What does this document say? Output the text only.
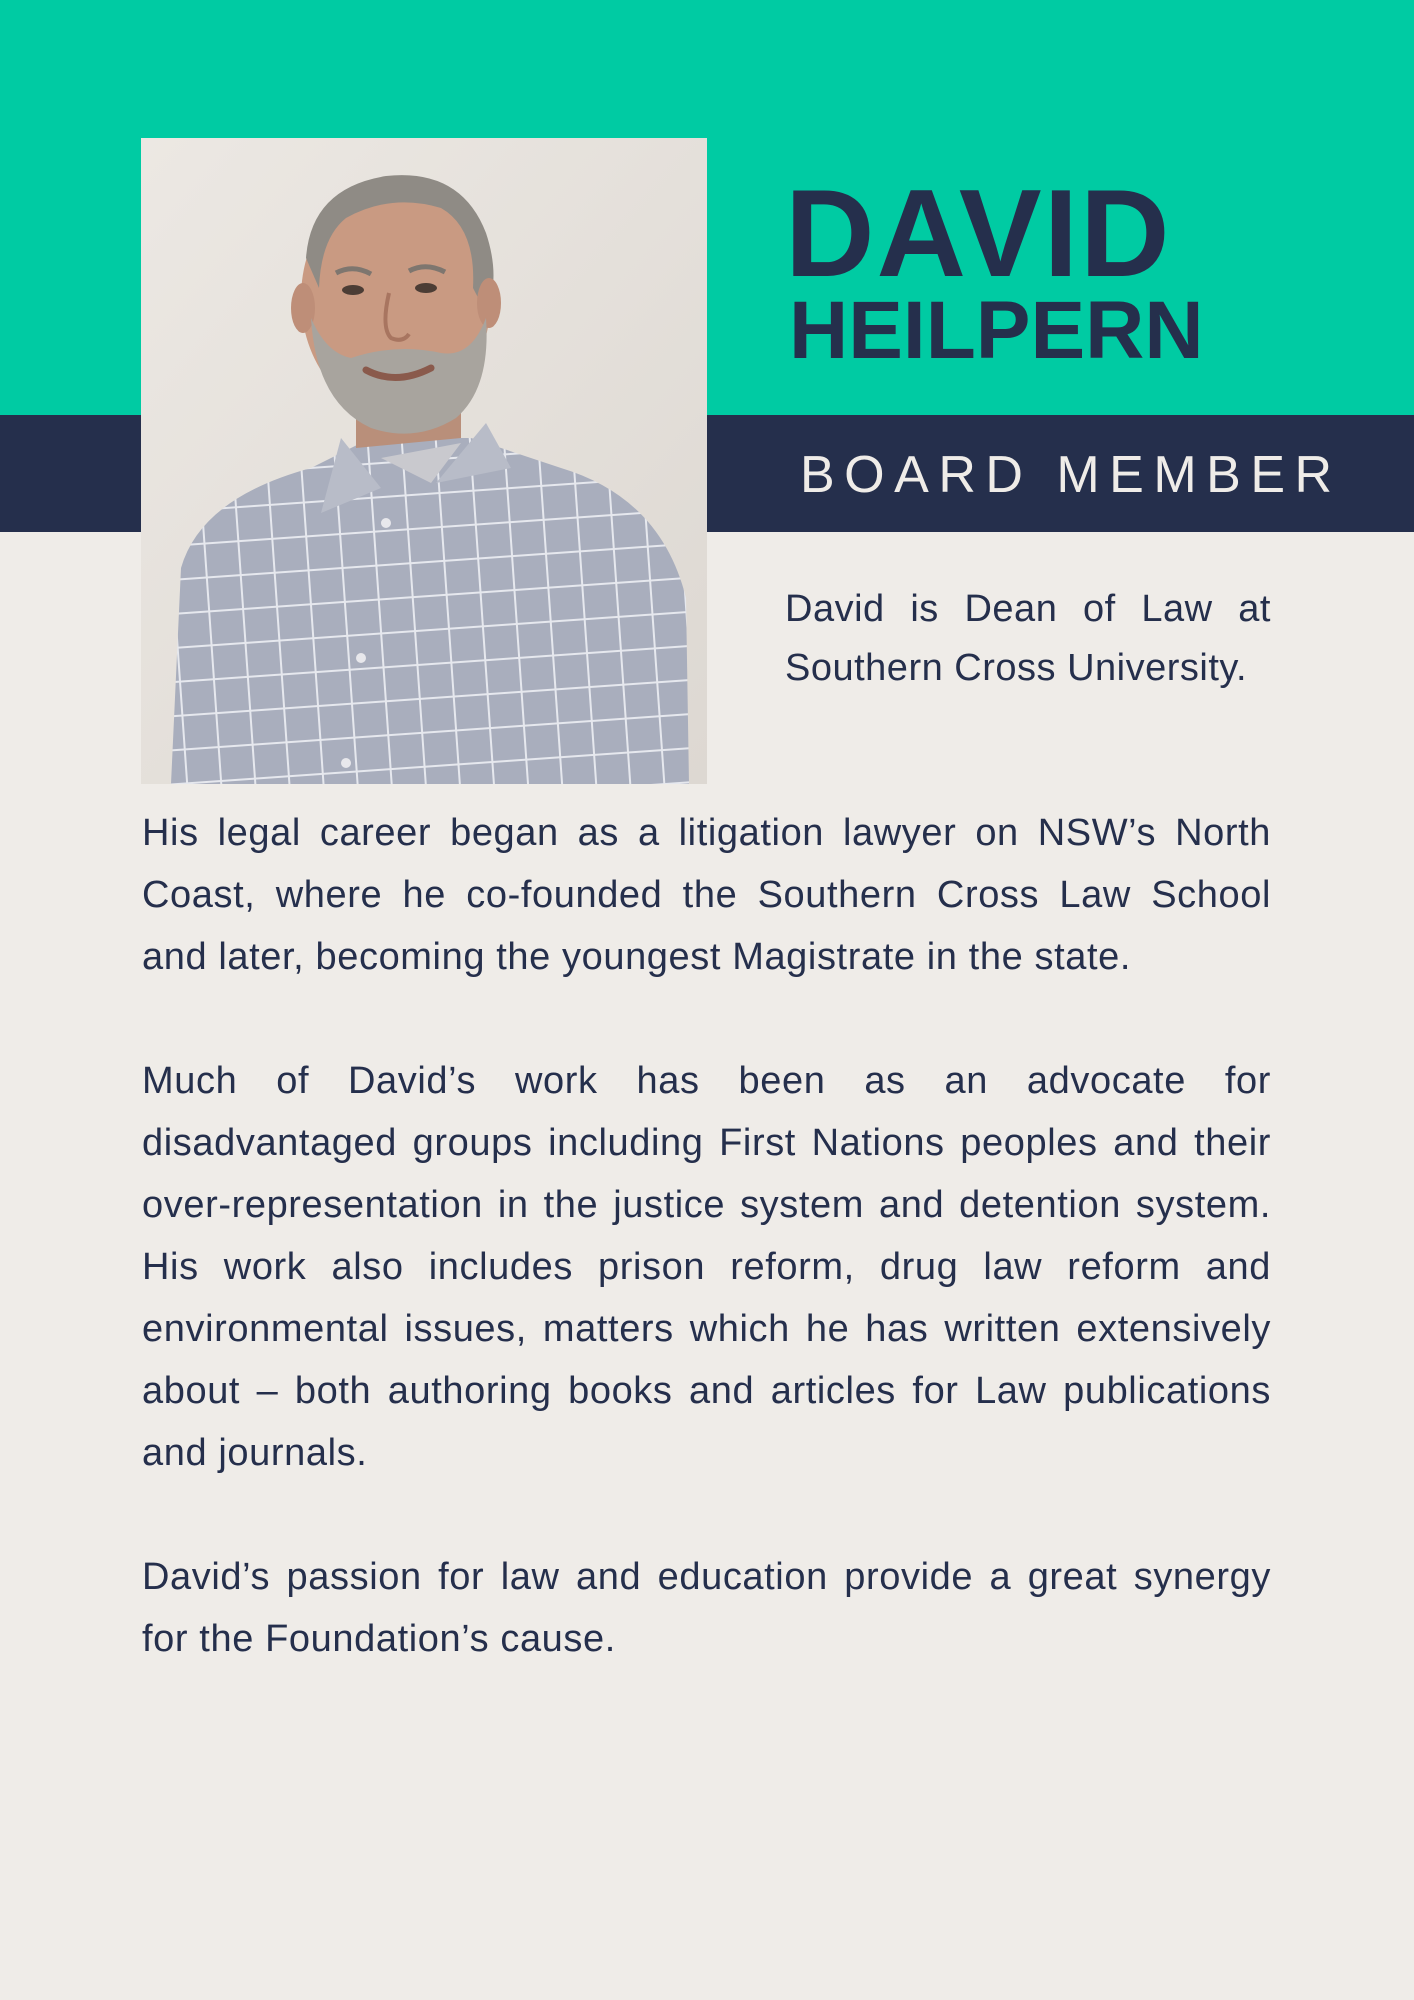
DAVID
HEILPERN
BOARD MEMBER

David is Dean of Law at Southern Cross University.

His legal career began as a litigation lawyer on NSW’s North Coast, where he co-founded the Southern Cross Law School and later, becoming the youngest Magistrate in the state.

Much of David’s work has been as an advocate for disadvantaged groups including First Nations peoples and their over-representation in the justice system and detention system. His work also includes prison reform, drug law reform and environmental issues, matters which he has written extensively about – both authoring books and articles for Law publications and journals.

David’s passion for law and education provide a great synergy for the Foundation’s cause.
